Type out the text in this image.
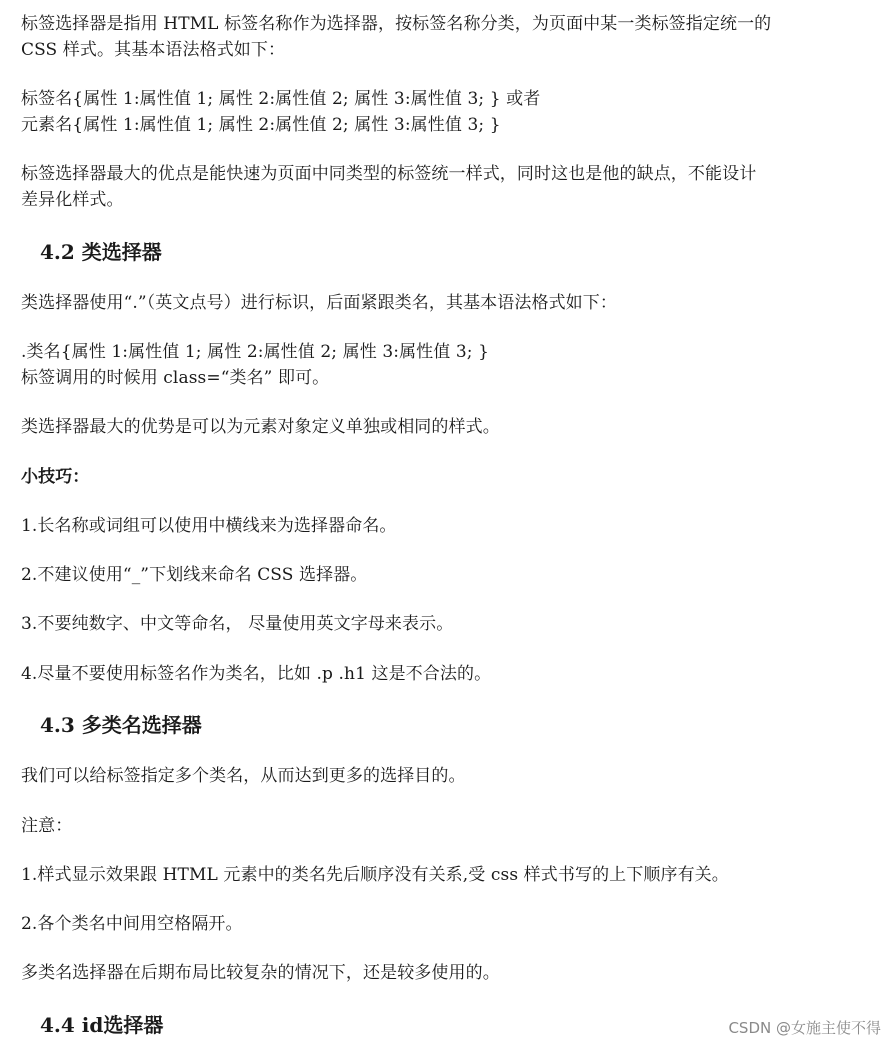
标签选择器是指用 HTML 标签名称作为选择器，按标签名称分类，为页面中某一类标签指定统一的
CSS 样式。其基本语法格式如下：
标签名{属性 1:属性值 1; 属性 2:属性值 2; 属性 3:属性值 3; } 或者
元素名{属性 1:属性值 1; 属性 2:属性值 2; 属性 3:属性值 3; }
标签选择器最大的优点是能快速为页面中同类型的标签统一样式，同时这也是他的缺点，不能设计
差异化样式。
4.2 类选择器
类选择器使用“.”（英文点号）进行标识，后面紧跟类名，其基本语法格式如下：
.类名{属性 1:属性值 1; 属性 2:属性值 2; 属性 3:属性值 3; }
标签调用的时候用 class=“类名” 即可。
类选择器最大的优势是可以为元素对象定义单独或相同的样式。
小技巧：
1.长名称或词组可以使用中横线来为选择器命名。
2.不建议使用“_”下划线来命名 CSS 选择器。
3.不要纯数字、中文等命名， 尽量使用英文字母来表示。
4.尽量不要使用标签名作为类名，比如 .p .h1 这是不合法的。
4.3 多类名选择器
我们可以给标签指定多个类名，从而达到更多的选择目的。
注意：
1.样式显示效果跟 HTML 元素中的类名先后顺序没有关系,受 css 样式书写的上下顺序有关。
2.各个类名中间用空格隔开。
多类名选择器在后期布局比较复杂的情况下，还是较多使用的。
4.4 id选择器	CSDN @女施主使不得
